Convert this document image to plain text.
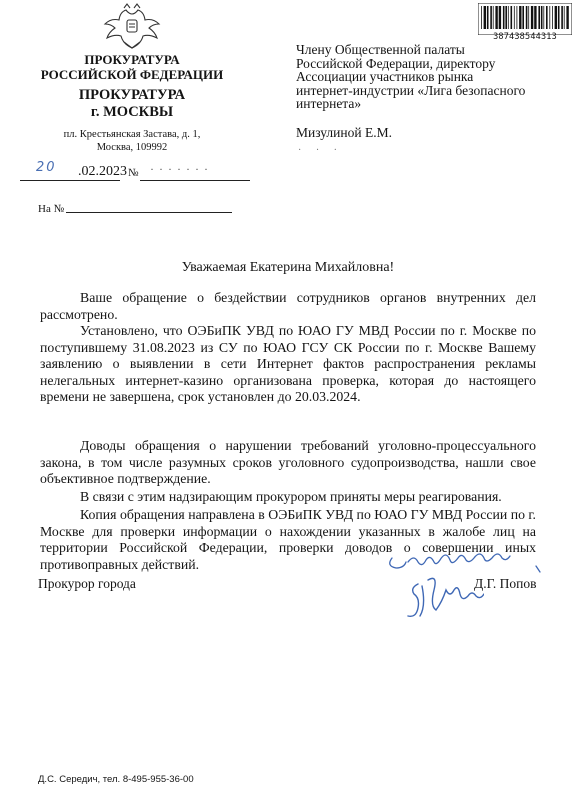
ПРОКУРАТУРА
РОССИЙСКОЙ ФЕДЕРАЦИИ
ПРОКУРАТУРА
г. МОСКВЫ
пл. Крестьянская Застава, д. 1,
Москва, 109992
20 .02.2023 № · · · · · · ·
На №
387438544313
Члену Общественной палаты
Российской Федерации, директору
Ассоциации участников рынка
интернет-индустрии «Лига безопасного
интернета»
Мизулиной Е.М.
· · ·
Уважаемая Екатерина Михайловна!
Ваше обращение о бездействии сотрудников органов внутренних дел рассмотрено.
Установлено, что ОЭБиПК УВД по ЮАО ГУ МВД России по г. Москве по поступившему 31.08.2023 из СУ по ЮАО ГСУ СК России по г. Москве Вашему заявлению о выявлении в сети Интернет фактов распространения рекламы нелегальных интернет-казино организована проверка, которая до настоящего времени не завершена, срок установлен до 20.03.2024.
Доводы обращения о нарушении требований уголовно-процессуального закона, в том числе разумных сроков уголовного судопроизводства, нашли свое объективное подтверждение.
В связи с этим надзирающим прокурором приняты меры реагирования.
Копия обращения направлена в ОЭБиПК УВД по ЮАО ГУ МВД России по г. Москве для проверки информации о нахождении указанных в жалобе лиц на территории Российской Федерации, проверки доводов о совершении иных противоправных действий.
Прокурор города	Д.Г. Попов
Д.С. Середич, тел. 8-495-955-36-00
